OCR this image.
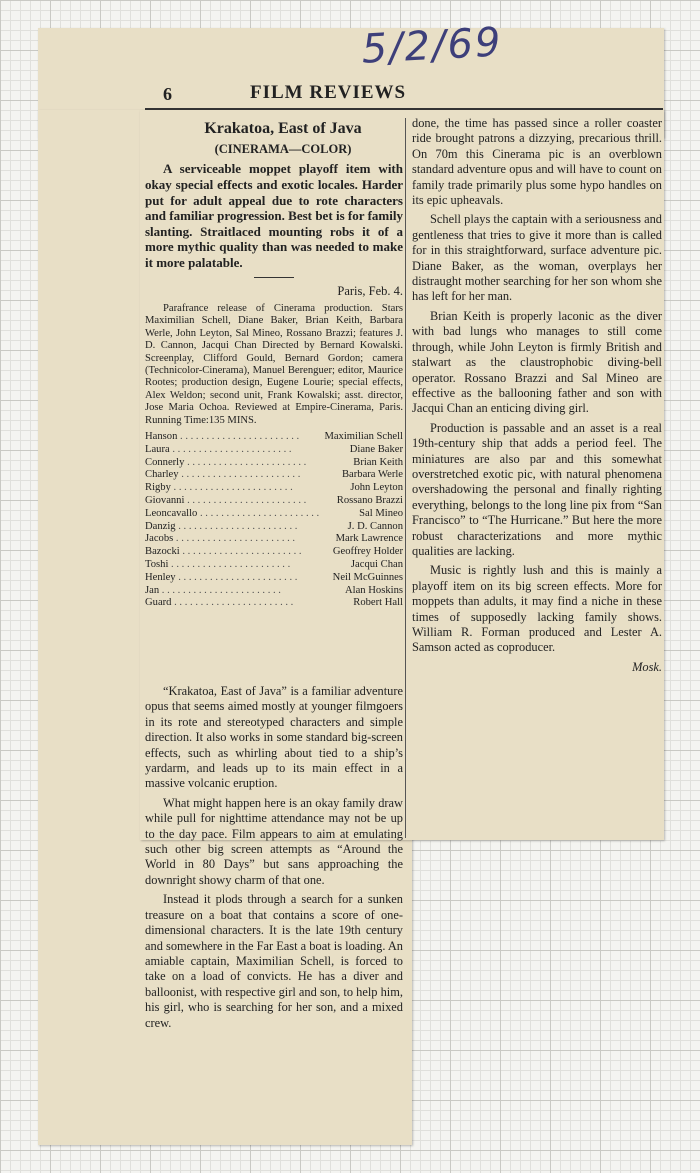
5/2/69
6	FILM REVIEWS

Krakatoa, East of Java

(CINERAMA—COLOR)

A serviceable moppet playoff item with okay special effects and exotic locales. Harder put for adult appeal due to rote characters and familiar progression. Best bet is for family slanting. Straitlaced mounting robs it of a more mythic quality than was needed to make it more palatable.

Paris, Feb. 4.

Parafrance release of Cinerama production. Stars Maximilian Schell, Diane Baker, Brian Keith, Barbara Werle, John Leyton, Sal Mineo, Rossano Brazzi; features J. D. Cannon, Jacqui Chan Directed by Bernard Kowalski. Screenplay, Clifford Gould, Bernard Gordon; camera (Technicolor-Cinerama), Manuel Berenguer; editor, Maurice Rootes; production design, Eugene Lourie; special effects, Alex Weldon; second unit, Frank Kowalski; asst. director, Jose Maria Ochoa. Reviewed at Empire-Cinerama, Paris. Running Time:135 MINS.

Hanson . . .	Maximilian Schell
Laura . . .	Diane Baker
Connerly . . .	Brian Keith
Charley . . .	Barbara Werle
Rigby . . .	John Leyton
Giovanni . . .	Rossano Brazzi
Leoncavallo . . .	Sal Mineo
Danzig . . .	J. D. Cannon
Jacobs . . .	Mark Lawrence
Bazocki . . .	Geoffrey Holder
Toshi . . .	Jacqui Chan
Henley . . .	Neil McGuinnes
Jan . . .	Alan Hoskins
Guard . . .	Robert Hall

“Krakatoa, East of Java” is a familiar adventure opus that seems aimed mostly at younger filmgoers in its rote and stereotyped characters and simple direction. It also works in some standard big-screen effects, such as whirling about tied to a ship’s yardarm, and leads up to its main effect in a massive volcanic eruption.

What might happen here is an okay family draw while pull for nighttime attendance may not be up to the day pace. Film appears to aim at emulating such other big screen attempts as “Around the World in 80 Days” but sans approaching the downright showy charm of that one.

Instead it plods through a search for a sunken treasure on a boat that contains a score of one-dimensional characters. It is the late 19th century and somewhere in the Far East a boat is loading. An amiable captain, Maximilian Schell, is forced to take on a load of convicts. He has a diver and balloonist, with respective girl and son, to help him, his girl, who is searching for her son, and a mixed crew.

done, the time has passed since a roller coaster ride brought patrons a dizzying, precarious thrill. On 70m this Cinerama pic is an overblown standard adventure opus and will have to count on family trade primarily plus some hypo handles on its epic upheavals.

Schell plays the captain with a seriousness and gentleness that tries to give it more than is called for in this straightforward, surface adventure pic. Diane Baker, as the woman, overplays her distraught mother searching for her son whom she has left for her man.

Brian Keith is properly laconic as the diver with bad lungs who manages to still come through, while John Leyton is firmly British and stalwart as the claustrophobic diving-bell operator. Rossano Brazzi and Sal Mineo are effective as the ballooning father and son with Jacqui Chan an enticing diving girl.

Production is passable and an asset is a real 19th-century ship that adds a period feel. The miniatures are also par and this somewhat overstretched exotic pic, with natural phenomena overshadowing the personal and finally righting everything, belongs to the long line pix from “San Francisco” to “The Hurricane.” But here the more robust characterizations and more mythic qualities are lacking.

Music is rightly lush and this is mainly a playoff item on its big screen effects. More for moppets than adults, it may find a niche in these times of supposedly lacking family shows. William R. Forman produced and Lester A. Samson acted as coproducer.

Mosk.
